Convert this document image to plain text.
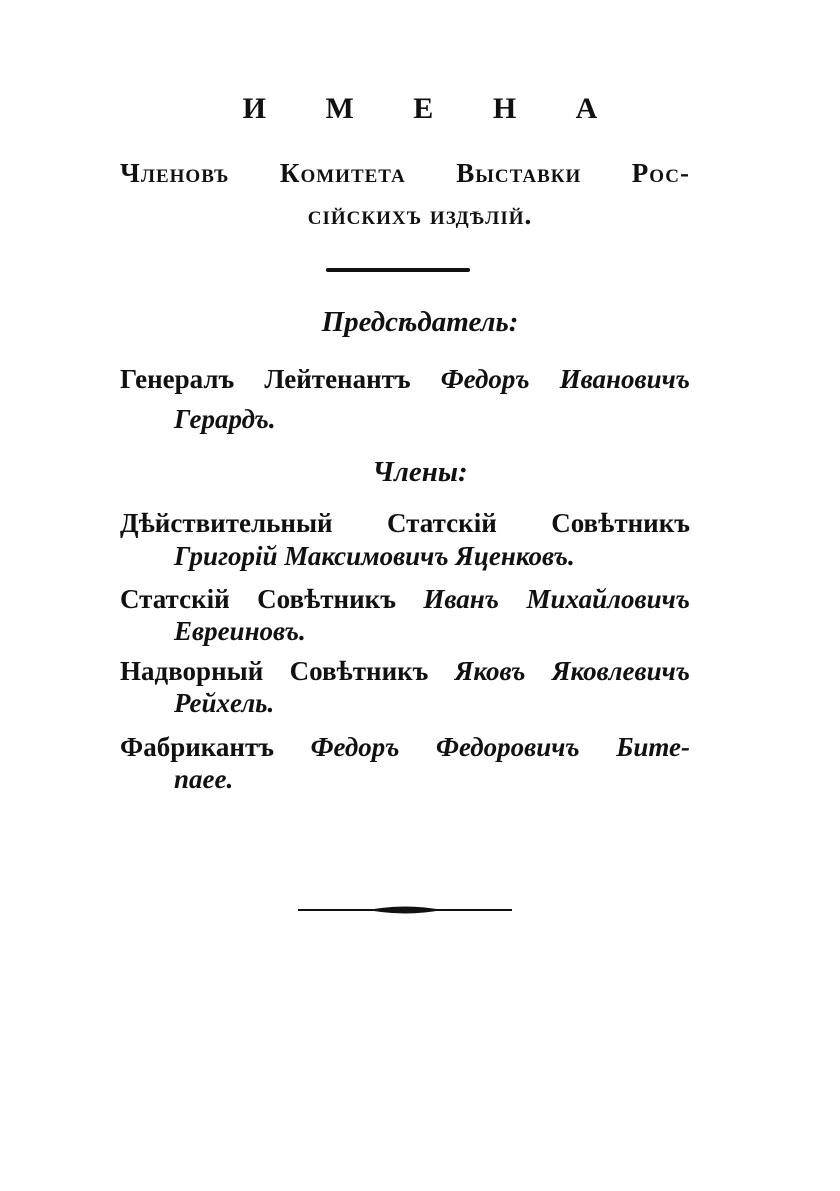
И М Е Н А
Членовъ Комитета Выставки Рос-
сійскихъ издѣлій.
Предсѣдатель:
Генералъ Лейтенантъ Федоръ Ивановичъ
Герардъ.
Члены:
Дѣйствительный Статскій Совѣтникъ
Григорій Максимовичъ Яценковъ.
Статскій Совѣтникъ Иванъ Михайловичъ
Евреиновъ.
Надворный Совѣтникъ Яковъ Яковлевичъ
Рейхель.
Фабрикантъ Федоръ Федоровичъ Бите-
пaee.
